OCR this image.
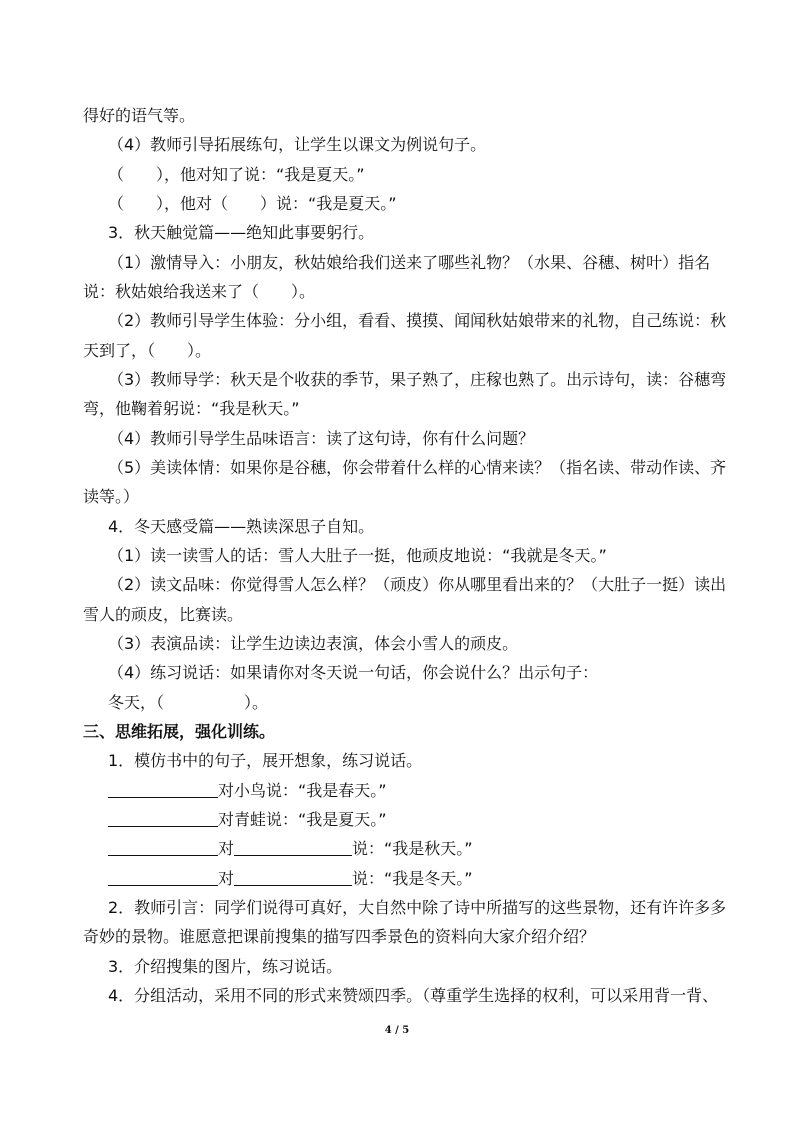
得好的语气等。
（4）教师引导拓展练句，让学生以课文为例说句子。
（　　），他对知了说：“我是夏天。”
（　　），他对（　　）说：“我是夏天。”
3．秋天触觉篇——绝知此事要躬行。
（1）激情导入：小朋友，秋姑娘给我们送来了哪些礼物？（水果、谷穗、树叶）指名
说：秋姑娘给我送来了（　　）。
（2）教师引导学生体验：分小组，看看、摸摸、闻闻秋姑娘带来的礼物，自己练说：秋
天到了，（　　）。
（3）教师导学：秋天是个收获的季节，果子熟了，庄稼也熟了。出示诗句，读：谷穗弯
弯，他鞠着躬说：“我是秋天。”
（4）教师引导学生品味语言：读了这句诗，你有什么问题？
（5）美读体情：如果你是谷穗，你会带着什么样的心情来读？（指名读、带动作读、齐
读等。）
4．冬天感受篇——熟读深思子自知。
（1）读一读雪人的话：雪人大肚子一挺，他顽皮地说：“我就是冬天。”
（2）读文品味：你觉得雪人怎么样？（顽皮）你从哪里看出来的？（大肚子一挺）读出
雪人的顽皮，比赛读。
（3）表演品读：让学生边读边表演，体会小雪人的顽皮。
（4）练习说话：如果请你对冬天说一句话，你会说什么？出示句子：
冬天，（　　　　　）。
三、思维拓展，强化训练。
1．模仿书中的句子，展开想象，练习说话。
对小鸟说：“我是春天。”
对青蛙说：“我是夏天。”
对	说：“我是秋天。”
对	说：“我是冬天。”
2．教师引言：同学们说得可真好，大自然中除了诗中所描写的这些景物，还有许许多多
奇妙的景物。谁愿意把课前搜集的描写四季景色的资料向大家介绍介绍？
3．介绍搜集的图片，练习说话。
4．分组活动，采用不同的形式来赞颂四季。（尊重学生选择的权利，可以采用背一背、
4 / 5
